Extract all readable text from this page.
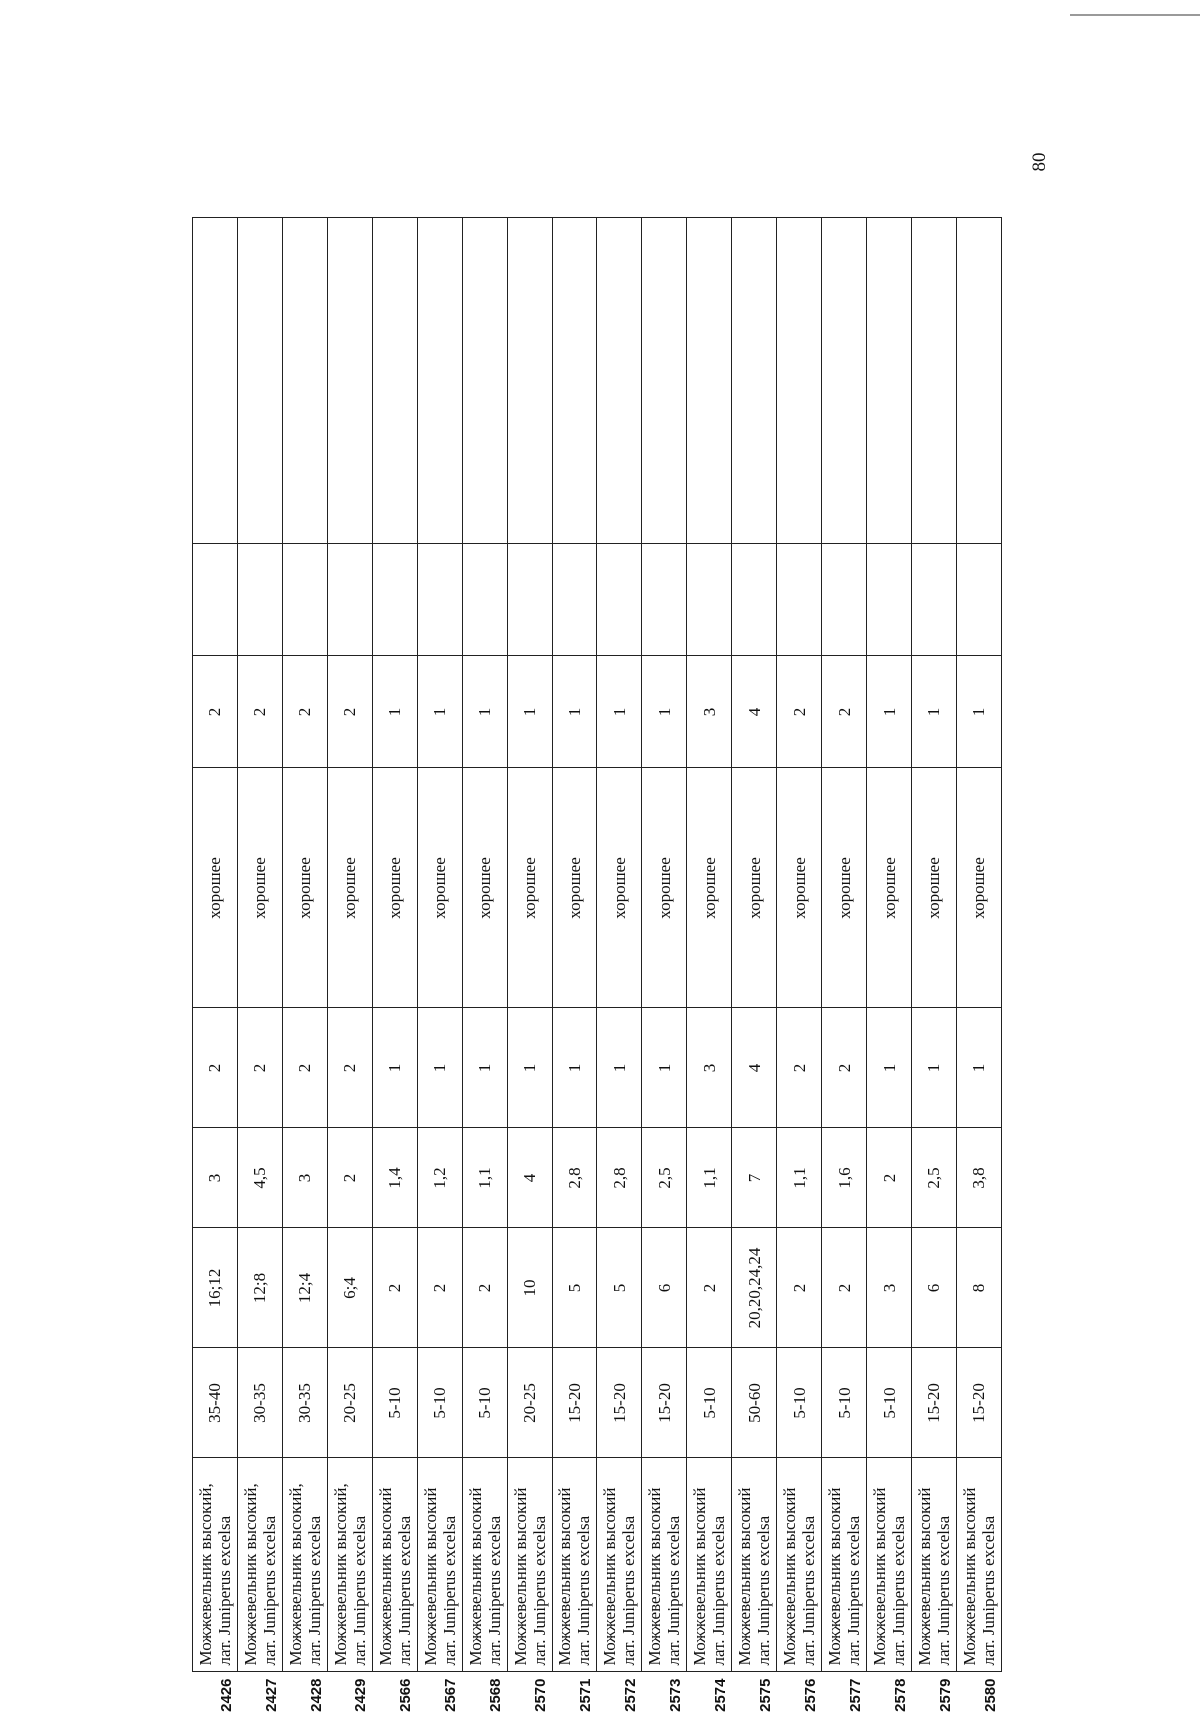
80
2426	Можжевельник высокий, лат. Juniperus excelsa	35-40	16;12	3	2	хорошее	2		
2427	Можжевельник высокий, лат. Juniperus excelsa	30-35	12;8	4,5	2	хорошее	2		
2428	Можжевельник высокий, лат. Juniperus excelsa	30-35	12;4	3	2	хорошее	2		
2429	Можжевельник высокий, лат. Juniperus excelsa	20-25	6;4	2	2	хорошее	2		
2566	Можжевельник высокий лат. Juniperus excelsa	5-10	2	1,4	1	хорошее	1		
2567	Можжевельник высокий лат. Juniperus excelsa	5-10	2	1,2	1	хорошее	1		
2568	Можжевельник высокий лат. Juniperus excelsa	5-10	2	1,1	1	хорошее	1		
2570	Можжевельник высокий лат. Juniperus excelsa	20-25	10	4	1	хорошее	1		
2571	Можжевельник высокий лат. Juniperus excelsa	15-20	5	2,8	1	хорошее	1		
2572	Можжевельник высокий лат. Juniperus excelsa	15-20	5	2,8	1	хорошее	1		
2573	Можжевельник высокий лат. Juniperus excelsa	15-20	6	2,5	1	хорошее	1		
2574	Можжевельник высокий лат. Juniperus excelsa	5-10	2	1,1	3	хорошее	3		
2575	Можжевельник высокий лат. Juniperus excelsa	50-60	20,20,24,24	7	4	хорошее	4		
2576	Можжевельник высокий лат. Juniperus excelsa	5-10	2	1,1	2	хорошее	2		
2577	Можжевельник высокий лат. Juniperus excelsa	5-10	2	1,6	2	хорошее	2		
2578	Можжевельник высокий лат. Juniperus excelsa	5-10	3	2	1	хорошее	1		
2579	Можжевельник высокий лат. Juniperus excelsa	15-20	6	2,5	1	хорошее	1		
2580	Можжевельник высокий лат. Juniperus excelsa	15-20	8	3,8	1	хорошее	1		
